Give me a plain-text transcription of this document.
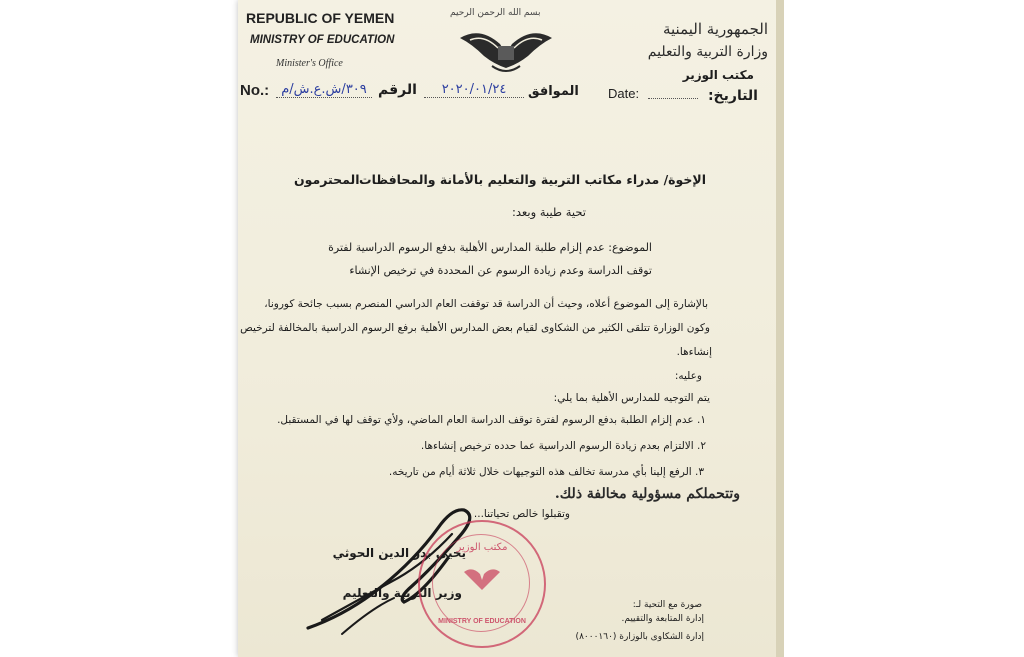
REPUBLIC OF YEMEN
MINISTRY OF EDUCATION
Minister's Office
بسم الله الرحمن الرحيم
الجمهورية اليمنية
وزارة التربية والتعليم
مكتب الوزير
No.: ٣٠٩/ش.ع.ش/م الرقم	٢٠٢٠/٠١/٢٤	الموافق Date:	التاريخ:
الإخوة/ مدراء مكاتب التربية والتعليم بالأمانة والمحافظات
المحترمون
تحية طيبة وبعد:
الموضوع: عدم إلزام طلبة المدارس الأهلية بدفع الرسوم الدراسية لفترة
توقف الدراسة وعدم زيادة الرسوم عن المحددة في ترخيص الإنشاء
بالإشارة إلى الموضوع أعلاه، وحيث أن الدراسة قد توقفت العام الدراسي المنصرم بسبب جائحة كورونا،
وكون الوزارة تتلقى الكثير من الشكاوى لقيام بعض المدارس الأهلية برفع الرسوم الدراسية بالمخالفة لترخيص
إنشاءها.
وعليه:
يتم التوجيه للمدارس الأهلية بما يلي:
١. عدم إلزام الطلبة بدفع الرسوم لفترة توقف الدراسة العام الماضي، ولأي توقف لها في المستقبل.
٢. الالتزام بعدم زيادة الرسوم الدراسية عما حدده ترخيص إنشاءها.
٣. الرفع إلينا بأي مدرسة تخالف هذه التوجيهات خلال ثلاثة أيام من تاريخه.
وتتحملكم مسؤولية مخالفة ذلك.
وتقبلوا خالص تحياتنا...
يحيى بدر الدين الحوثي
وزير التربية والتعليم
صورة مع التحية لـ:
إدارة المتابعة والتقييم.
إدارة الشكاوى بالوزارة (٨٠٠٠١٦٠)
مكتب الوزير
MINISTRY OF EDUCATION
